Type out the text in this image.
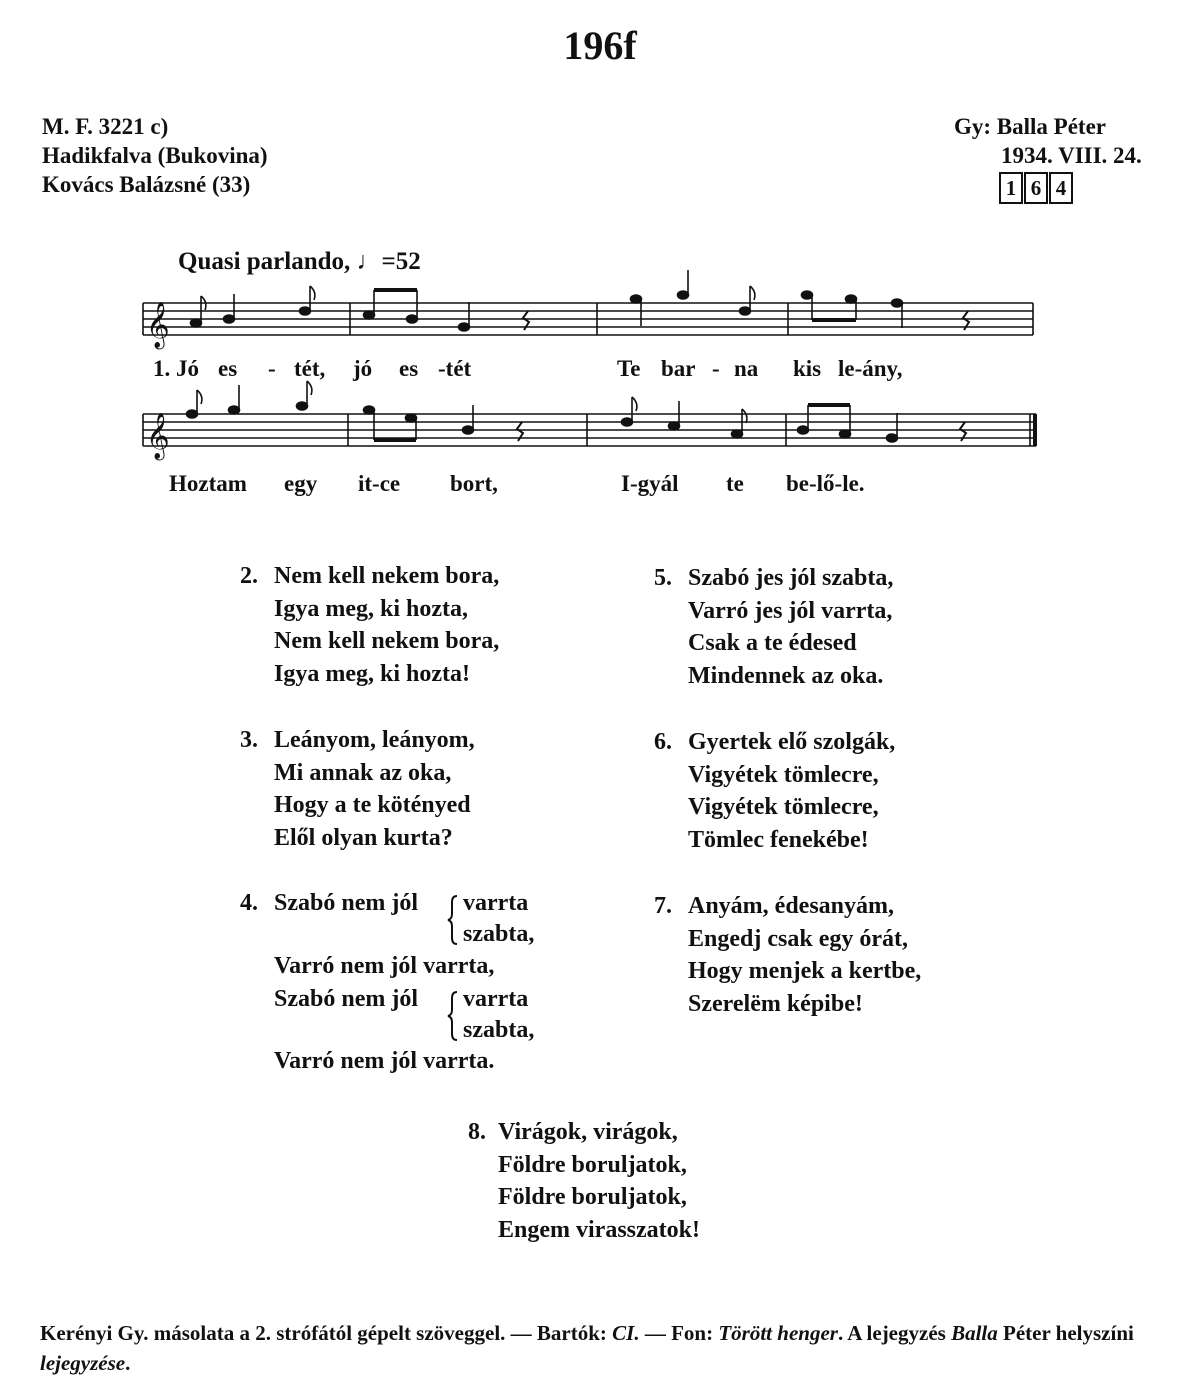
196f
M. F. 3221 c)
Hadikfalva (Bukovina)
Kovács Balázsné (33)
Gy: Balla Péter
1934. VIII. 24.
1 6 4
Quasi parlando, ♩=52
𝄞
𝄞
1. Jó es - tét, jó es -tét	Te bar - na kis le-ány,
Hoztam egy it-ce bort,	I-gyál te be-lő-le.
2. Nem kell nekem bora,
Igya meg, ki hozta,
Nem kell nekem bora,
Igya meg, ki hozta!
3. Leányom, leányom,
Mi annak az oka,
Hogy a te kötényed
Elől olyan kurta?
4. Szabó nem jól varrta
szabta,
Varró nem jól varrta,
Szabó nem jól varrta
szabta,
Varró nem jól varrta.
5. Szabó jes jól szabta,
Varró jes jól varrta,
Csak a te édesed
Mindennek az oka.
6. Gyertek elő szolgák,
Vigyétek tömlecre,
Vigyétek tömlecre,
Tömlec fenekébe!
7. Anyám, édesanyám,
Engedj csak egy órát,
Hogy menjek a kertbe,
Szerelëm képibe!
8. Virágok, virágok,
Földre boruljatok,
Földre boruljatok,
Engem virasszatok!
Kerényi Gy. másolata a 2. strófától gépelt szöveggel. — Bartók: CI. — Fon: Törött henger. A lejegyzés Balla Péter helyszíni lejegyzése.
